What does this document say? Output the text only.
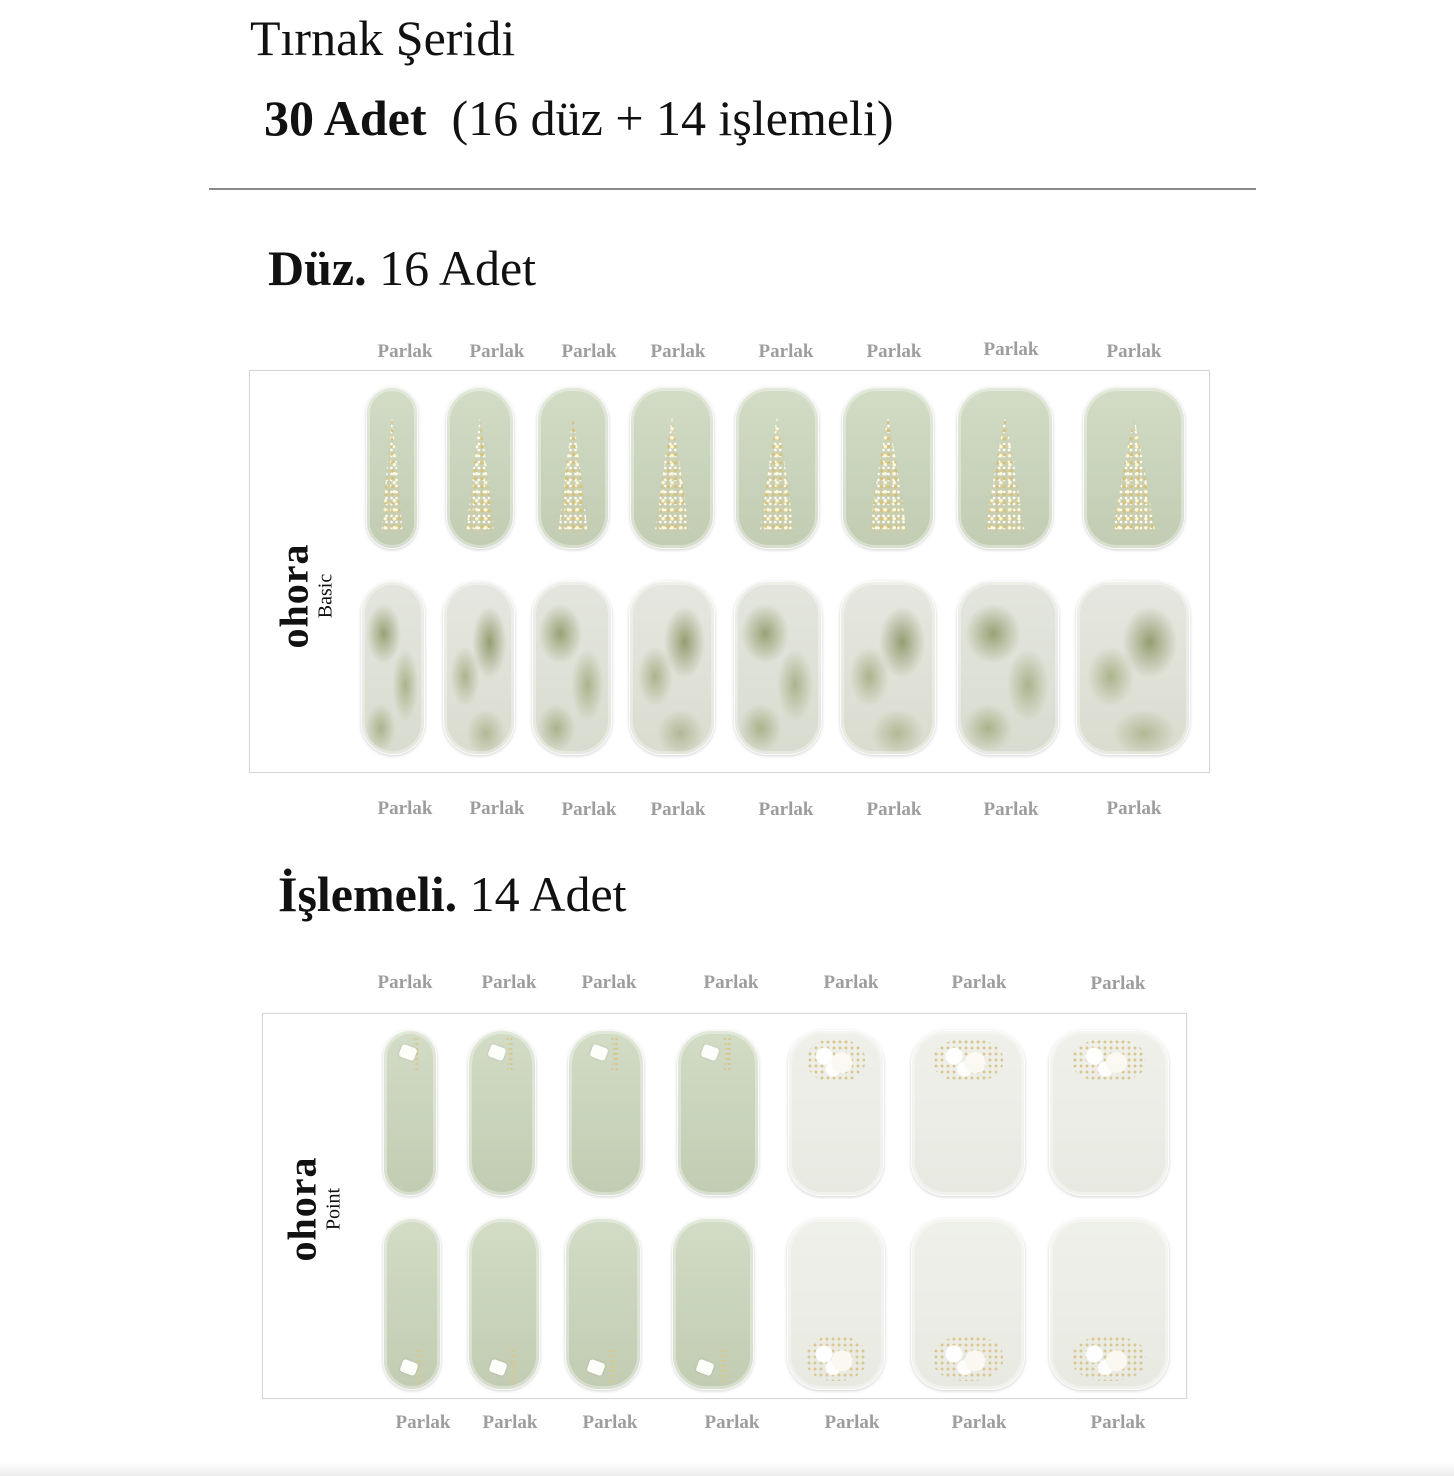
Tırnak Şeridi
30 Adet (16 düz + 14 işlemeli)
Düz. 16 Adet
Parlak Parlak Parlak Parlak	Parlak	Parlak	Parlak	Parlak
ohora
Basic
Parlak Parlak Parlak Parlak	Parlak	Parlak	Parlak	Parlak
İşlemeli. 14 Adet
Parlak	Parlak Parlak	Parlak	Parlak	Parlak	Parlak
ohora
Point
Parlak Parlak Parlak	Parlak	Parlak	Parlak	Parlak
